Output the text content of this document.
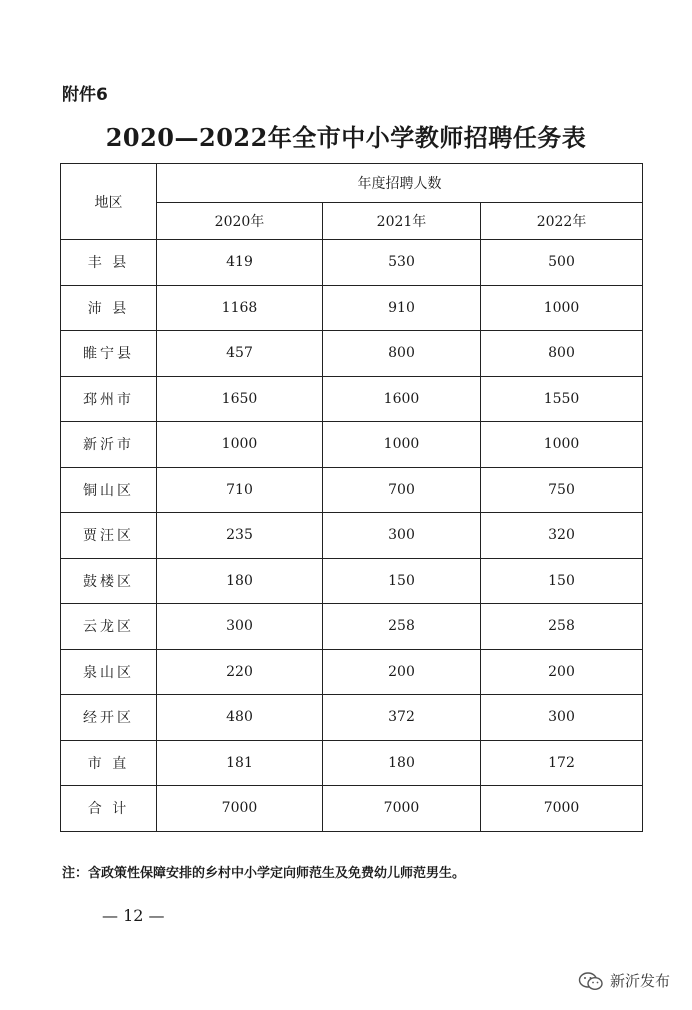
附件6
2020—2022年全市中小学教师招聘任务表
地区	年度招聘人数		
	2020年	2021年	2022年
丰 县	419	530	500
沛 县	1168	910	1000
睢宁县	457	800	800
邳州市	1650	1600	1550
新沂市	1000	1000	1000
铜山区	710	700	750
贾汪区	235	300	320
鼓楼区	180	150	150
云龙区	300	258	258
泉山区	220	200	200
经开区	480	372	300
市 直	181	180	172
合 计	7000	7000	7000
注：含政策性保障安排的乡村中小学定向师范生及免费幼儿师范男生。
— 12 —
新沂发布
